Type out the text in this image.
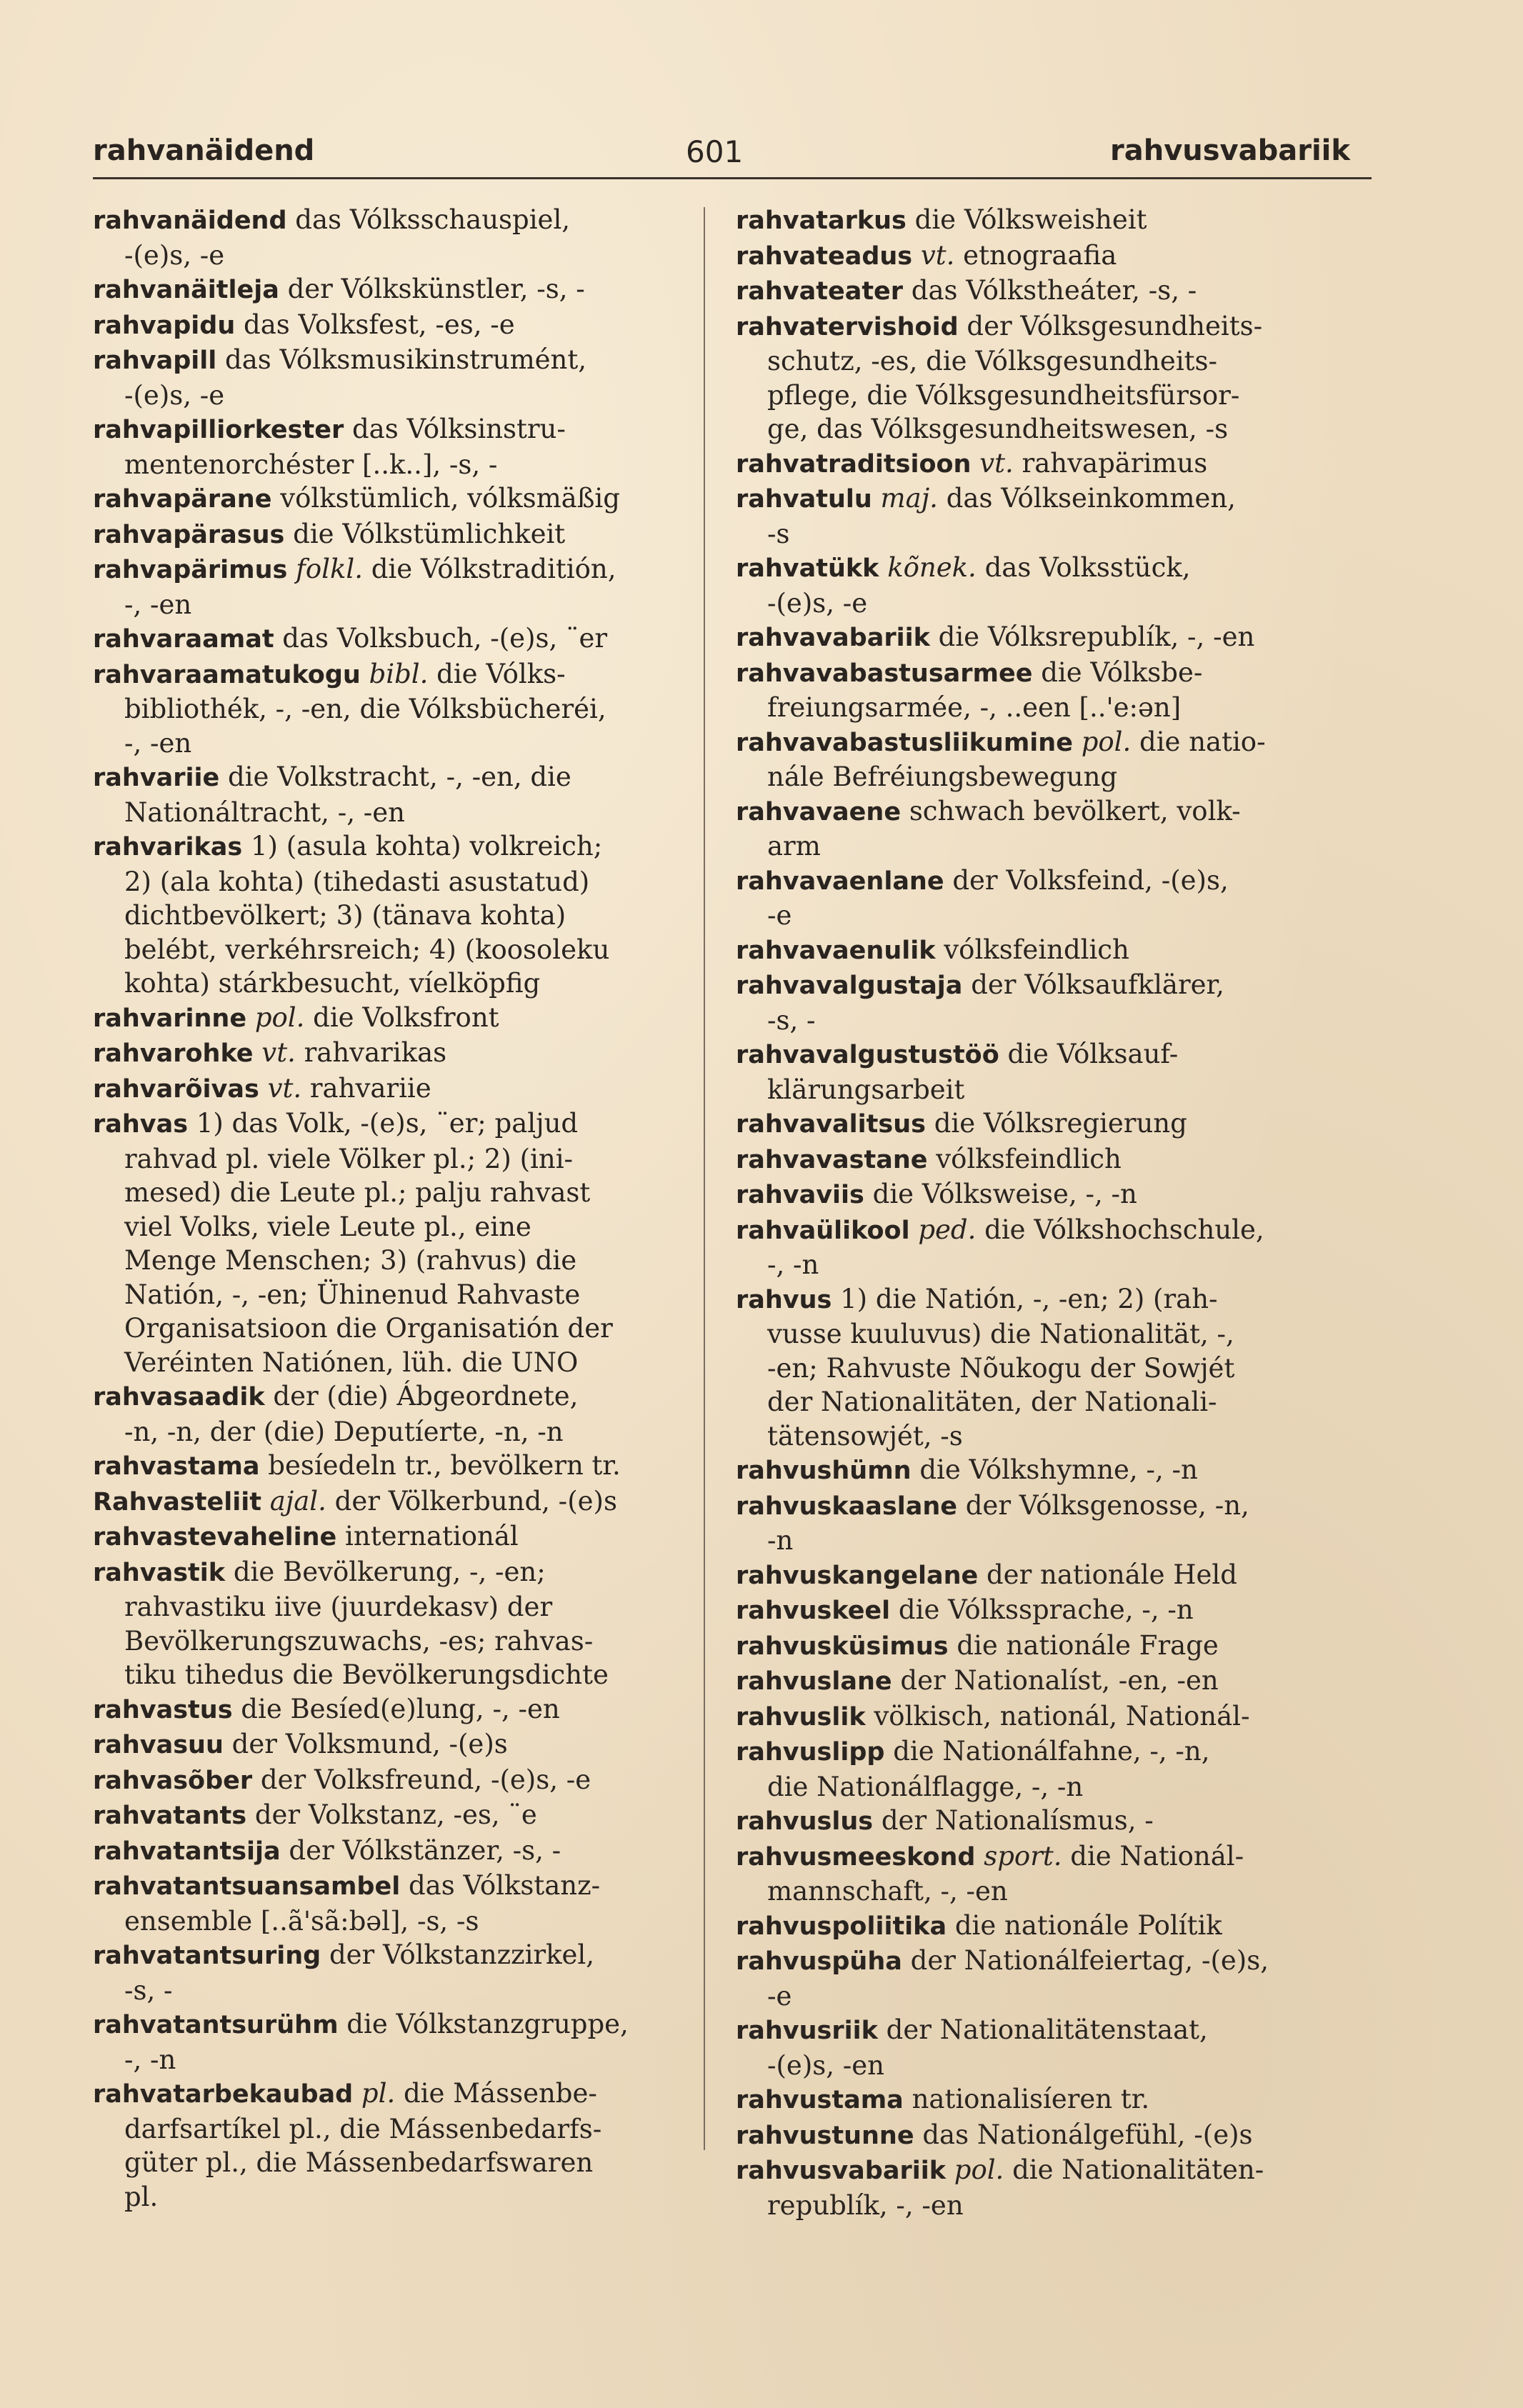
rahvanäidend	601	rahvusvabariik
rahvanäidend das Vólksschauspiel,
-(e)s, -e
rahvanäitleja der Vólkskünstler, -s, -
rahvapidu das Volksfest, -es, -e
rahvapill das Vólksmusikinstrumént,
-(e)s, -e
rahvapilliorkester das Vólksinstru-
mentenorchéster [..k..], -s, -
rahvapärane vólkstümlich, vólksmäßig
rahvapärasus die Vólkstümlichkeit
rahvapärimus folkl. die Vólkstraditión,
-, -en
rahvaraamat das Volksbuch, -(e)s, ¨er
rahvaraamatukogu bibl. die Vólks-
bibliothék, -, -en, die Vólksbücheréi,
-, -en
rahvariie die Volkstracht, -, -en, die
Nationáltracht, -, -en
rahvarikas 1) (asula kohta) volkreich;
2) (ala kohta) (tihedasti asustatud)
dichtbevölkert; 3) (tänava kohta)
belébt, verkéhrsreich; 4) (koosoleku
kohta) stárkbesucht, víelköpfig
rahvarinne pol. die Volksfront
rahvarohke vt. rahvarikas
rahvarõivas vt. rahvariie
rahvas 1) das Volk, -(e)s, ¨er; paljud
rahvad pl. viele Völker pl.; 2) (ini-
mesed) die Leute pl.; palju rahvast
viel Volks, viele Leute pl., eine
Menge Menschen; 3) (rahvus) die
Natión, -, -en; Ühinenud Rahvaste
Organisatsioon die Organisatión der
Veréinten Natiónen, lüh. die UNO
rahvasaadik der (die) Ábgeordnete,
-n, -n, der (die) Deputíerte, -n, -n
rahvastama besíedeln tr., bevölkern tr.
Rahvasteliit ajal. der Völkerbund, -(e)s
rahvastevaheline internationál
rahvastik die Bevölkerung, -, -en;
rahvastiku iive (juurdekasv) der
Bevölkerungszuwachs, -es; rahvas-
tiku tihedus die Bevölkerungsdichte
rahvastus die Besíed(e)lung, -, -en
rahvasuu der Volksmund, -(e)s
rahvasõber der Volksfreund, -(e)s, -e
rahvatants der Volkstanz, -es, ¨e
rahvatantsija der Vólkstänzer, -s, -
rahvatantsuansambel das Vólkstanz-
ensemble [..ã'sã:bəl], -s, -s
rahvatantsuring der Vólkstanzzirkel,
-s, -
rahvatantsurühm die Vólkstanzgruppe,
-, -n
rahvatarbekaubad pl. die Mássenbe-
darfsartíkel pl., die Mássenbedarfs-
güter pl., die Mássenbedarfswaren
pl.
rahvatarkus die Vólksweisheit
rahvateadus vt. etnograafia
rahvateater das Vólkstheáter, -s, -
rahvatervishoid der Vólksgesundheits-
schutz, -es, die Vólksgesundheits-
pflege, die Vólksgesundheitsfürsor-
ge, das Vólksgesundheitswesen, -s
rahvatraditsioon vt. rahvapärimus
rahvatulu maj. das Vólkseinkommen,
-s
rahvatükk kõnek. das Volksstück,
-(e)s, -e
rahvavabariik die Vólksrepublík, -, -en
rahvavabastusarmee die Vólksbe-
freiungsarmée, -, ..een [..'e:ən]
rahvavabastusliikumine pol. die natio-
nále Befréiungsbewegung
rahvavaene schwach bevölkert, volk-
arm
rahvavaenlane der Volksfeind, -(e)s,
-e
rahvavaenulik vólksfeindlich
rahvavalgustaja der Vólksaufklärer,
-s, -
rahvavalgustustöö die Vólksauf-
klärungsarbeit
rahvavalitsus die Vólksregierung
rahvavastane vólksfeindlich
rahvaviis die Vólksweise, -, -n
rahvaülikool ped. die Vólkshochschule,
-, -n
rahvus 1) die Natión, -, -en; 2) (rah-
vusse kuuluvus) die Nationalität, -,
-en; Rahvuste Nõukogu der Sowjét
der Nationalitäten, der Nationali-
tätensowjét, -s
rahvushümn die Vólkshymne, -, -n
rahvuskaaslane der Vólksgenosse, -n,
-n
rahvuskangelane der nationále Held
rahvuskeel die Vólkssprache, -, -n
rahvusküsimus die nationále Frage
rahvuslane der Nationalíst, -en, -en
rahvuslik völkisch, nationál, Nationál-
rahvuslipp die Nationálfahne, -, -n,
die Nationálflagge, -, -n
rahvuslus der Nationalísmus, -
rahvusmeeskond sport. die Nationál-
mannschaft, -, -en
rahvuspoliitika die nationále Polítik
rahvuspüha der Nationálfeiertag, -(e)s,
-e
rahvusriik der Nationalitätenstaat,
-(e)s, -en
rahvustama nationalisíeren tr.
rahvustunne das Nationálgefühl, -(e)s
rahvusvabariik pol. die Nationalitäten-
republík, -, -en
